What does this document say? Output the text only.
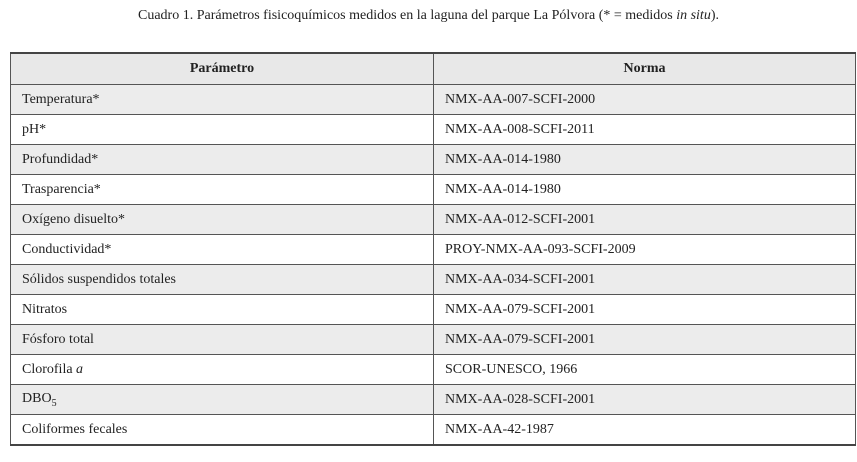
Cuadro 1. Parámetros fisicoquímicos medidos en la laguna del parque La Pólvora (* = medidos in situ).
Parámetro	Norma
Temperatura*	NMX-AA-007-SCFI-2000
pH*	NMX-AA-008-SCFI-2011
Profundidad*	NMX-AA-014-1980
Trasparencia*	NMX-AA-014-1980
Oxígeno disuelto*	NMX-AA-012-SCFI-2001
Conductividad*	PROY-NMX-AA-093-SCFI-2009
Sólidos suspendidos totales	NMX-AA-034-SCFI-2001
Nitratos	NMX-AA-079-SCFI-2001
Fósforo total	NMX-AA-079-SCFI-2001
Clorofila a	SCOR-UNESCO, 1966
$DBO_5$	NMX-AA-028-SCFI-2001
Coliformes fecales	NMX-AA-42-1987
